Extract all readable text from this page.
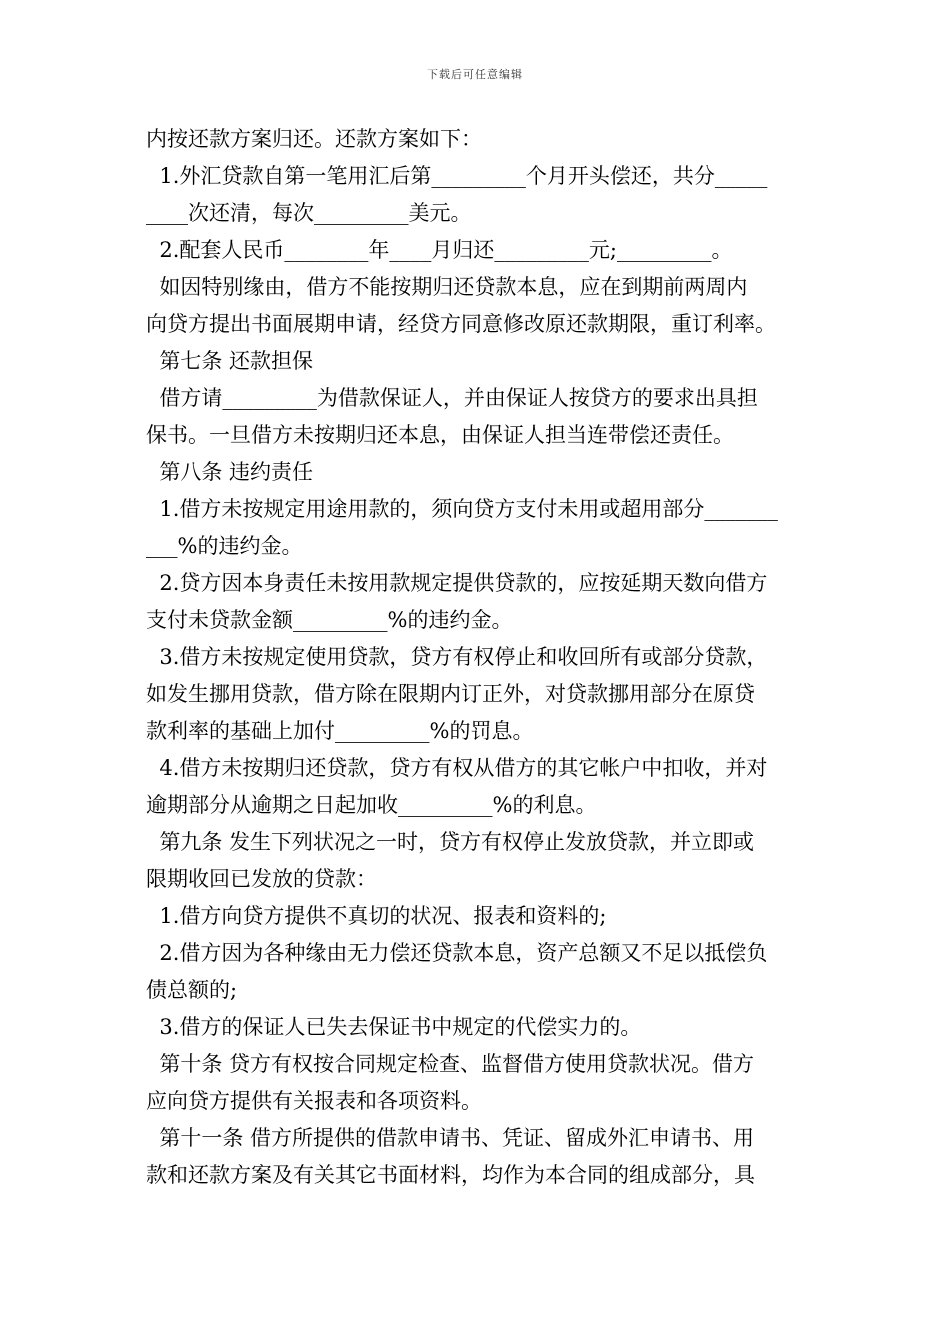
下载后可任意编辑
内按还款方案归还。还款方案如下：
1.外汇贷款自第一笔用汇后第_________个月开头偿还，共分_____
____次还清，每次_________美元。
2.配套人民币________年____月归还_________元;_________。
如因特别缘由，借方不能按期归还贷款本息，应在到期前两周内
向贷方提出书面展期申请，经贷方同意修改原还款期限，重订利率。
第七条 还款担保
借方请_________为借款保证人，并由保证人按贷方的要求出具担
保书。一旦借方未按期归还本息，由保证人担当连带偿还责任。
第八条 违约责任
1.借方未按规定用途用款的，须向贷方支付未用或超用部分_______
___%的违约金。
2.贷方因本身责任未按用款规定提供贷款的，应按延期天数向借方
支付未贷款金额_________%的违约金。
3.借方未按规定使用贷款，贷方有权停止和收回所有或部分贷款，
如发生挪用贷款，借方除在限期内订正外，对贷款挪用部分在原贷
款利率的基础上加付_________%的罚息。
4.借方未按期归还贷款，贷方有权从借方的其它帐户中扣收，并对
逾期部分从逾期之日起加收_________%的利息。
第九条 发生下列状况之一时，贷方有权停止发放贷款，并立即或
限期收回已发放的贷款：
1.借方向贷方提供不真切的状况、报表和资料的;
2.借方因为各种缘由无力偿还贷款本息，资产总额又不足以抵偿负
债总额的;
3.借方的保证人已失去保证书中规定的代偿实力的。
第十条 贷方有权按合同规定检查、监督借方使用贷款状况。借方
应向贷方提供有关报表和各项资料。
第十一条 借方所提供的借款申请书、凭证、留成外汇申请书、用
款和还款方案及有关其它书面材料，均作为本合同的组成部分，具
